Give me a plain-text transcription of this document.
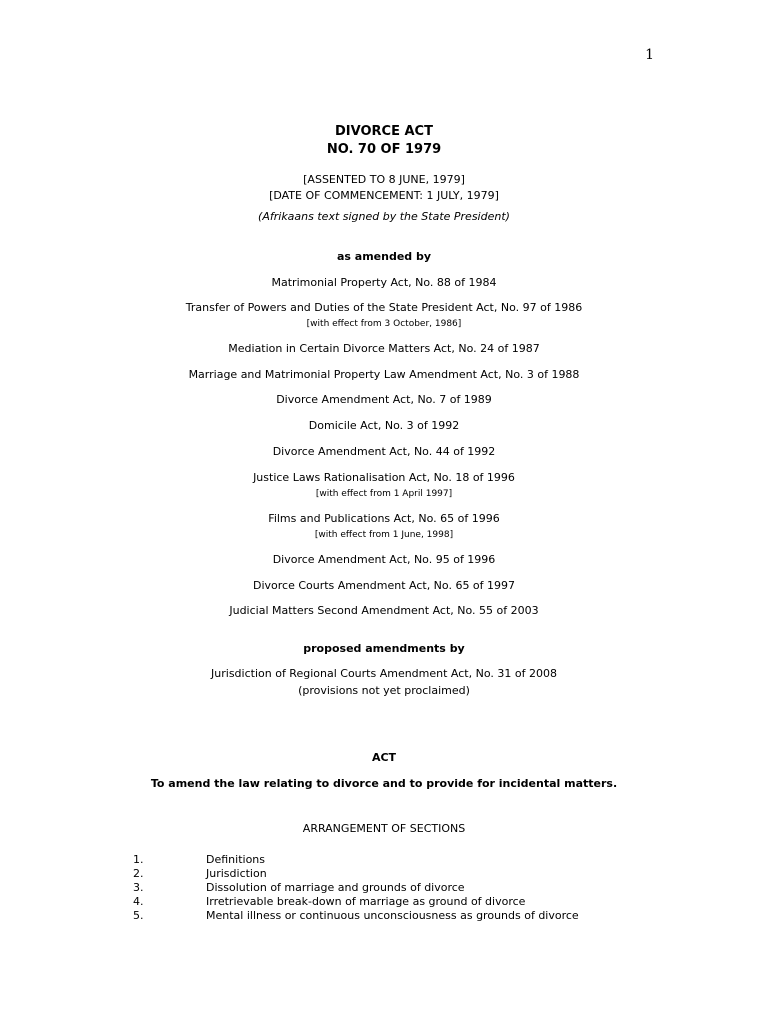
1
DIVORCE ACT
NO. 70 OF 1979
[ASSENTED TO 8 JUNE, 1979]
[DATE OF COMMENCEMENT: 1 JULY, 1979]
(Afrikaans text signed by the State President)
as amended by
Matrimonial Property Act, No. 88 of 1984
Transfer of Powers and Duties of the State President Act, No. 97 of 1986
[with effect from 3 October, 1986]
Mediation in Certain Divorce Matters Act, No. 24 of 1987
Marriage and Matrimonial Property Law Amendment Act, No. 3 of 1988
Divorce Amendment Act, No. 7 of 1989
Domicile Act, No. 3 of 1992
Divorce Amendment Act, No. 44 of 1992
Justice Laws Rationalisation Act, No. 18 of 1996
[with effect from 1 April 1997]
Films and Publications Act, No. 65 of 1996
[with effect from 1 June, 1998]
Divorce Amendment Act, No. 95 of 1996
Divorce Courts Amendment Act, No. 65 of 1997
Judicial Matters Second Amendment Act, No. 55 of 2003
proposed amendments by
Jurisdiction of Regional Courts Amendment Act, No. 31 of 2008
(provisions not yet proclaimed)
ACT
To amend the law relating to divorce and to provide for incidental matters.
ARRANGEMENT OF SECTIONS
1.	Definitions
2.	Jurisdiction
3.	Dissolution of marriage and grounds of divorce
4.	Irretrievable break-down of marriage as ground of divorce
5.	Mental illness or continuous unconsciousness as grounds of divorce
